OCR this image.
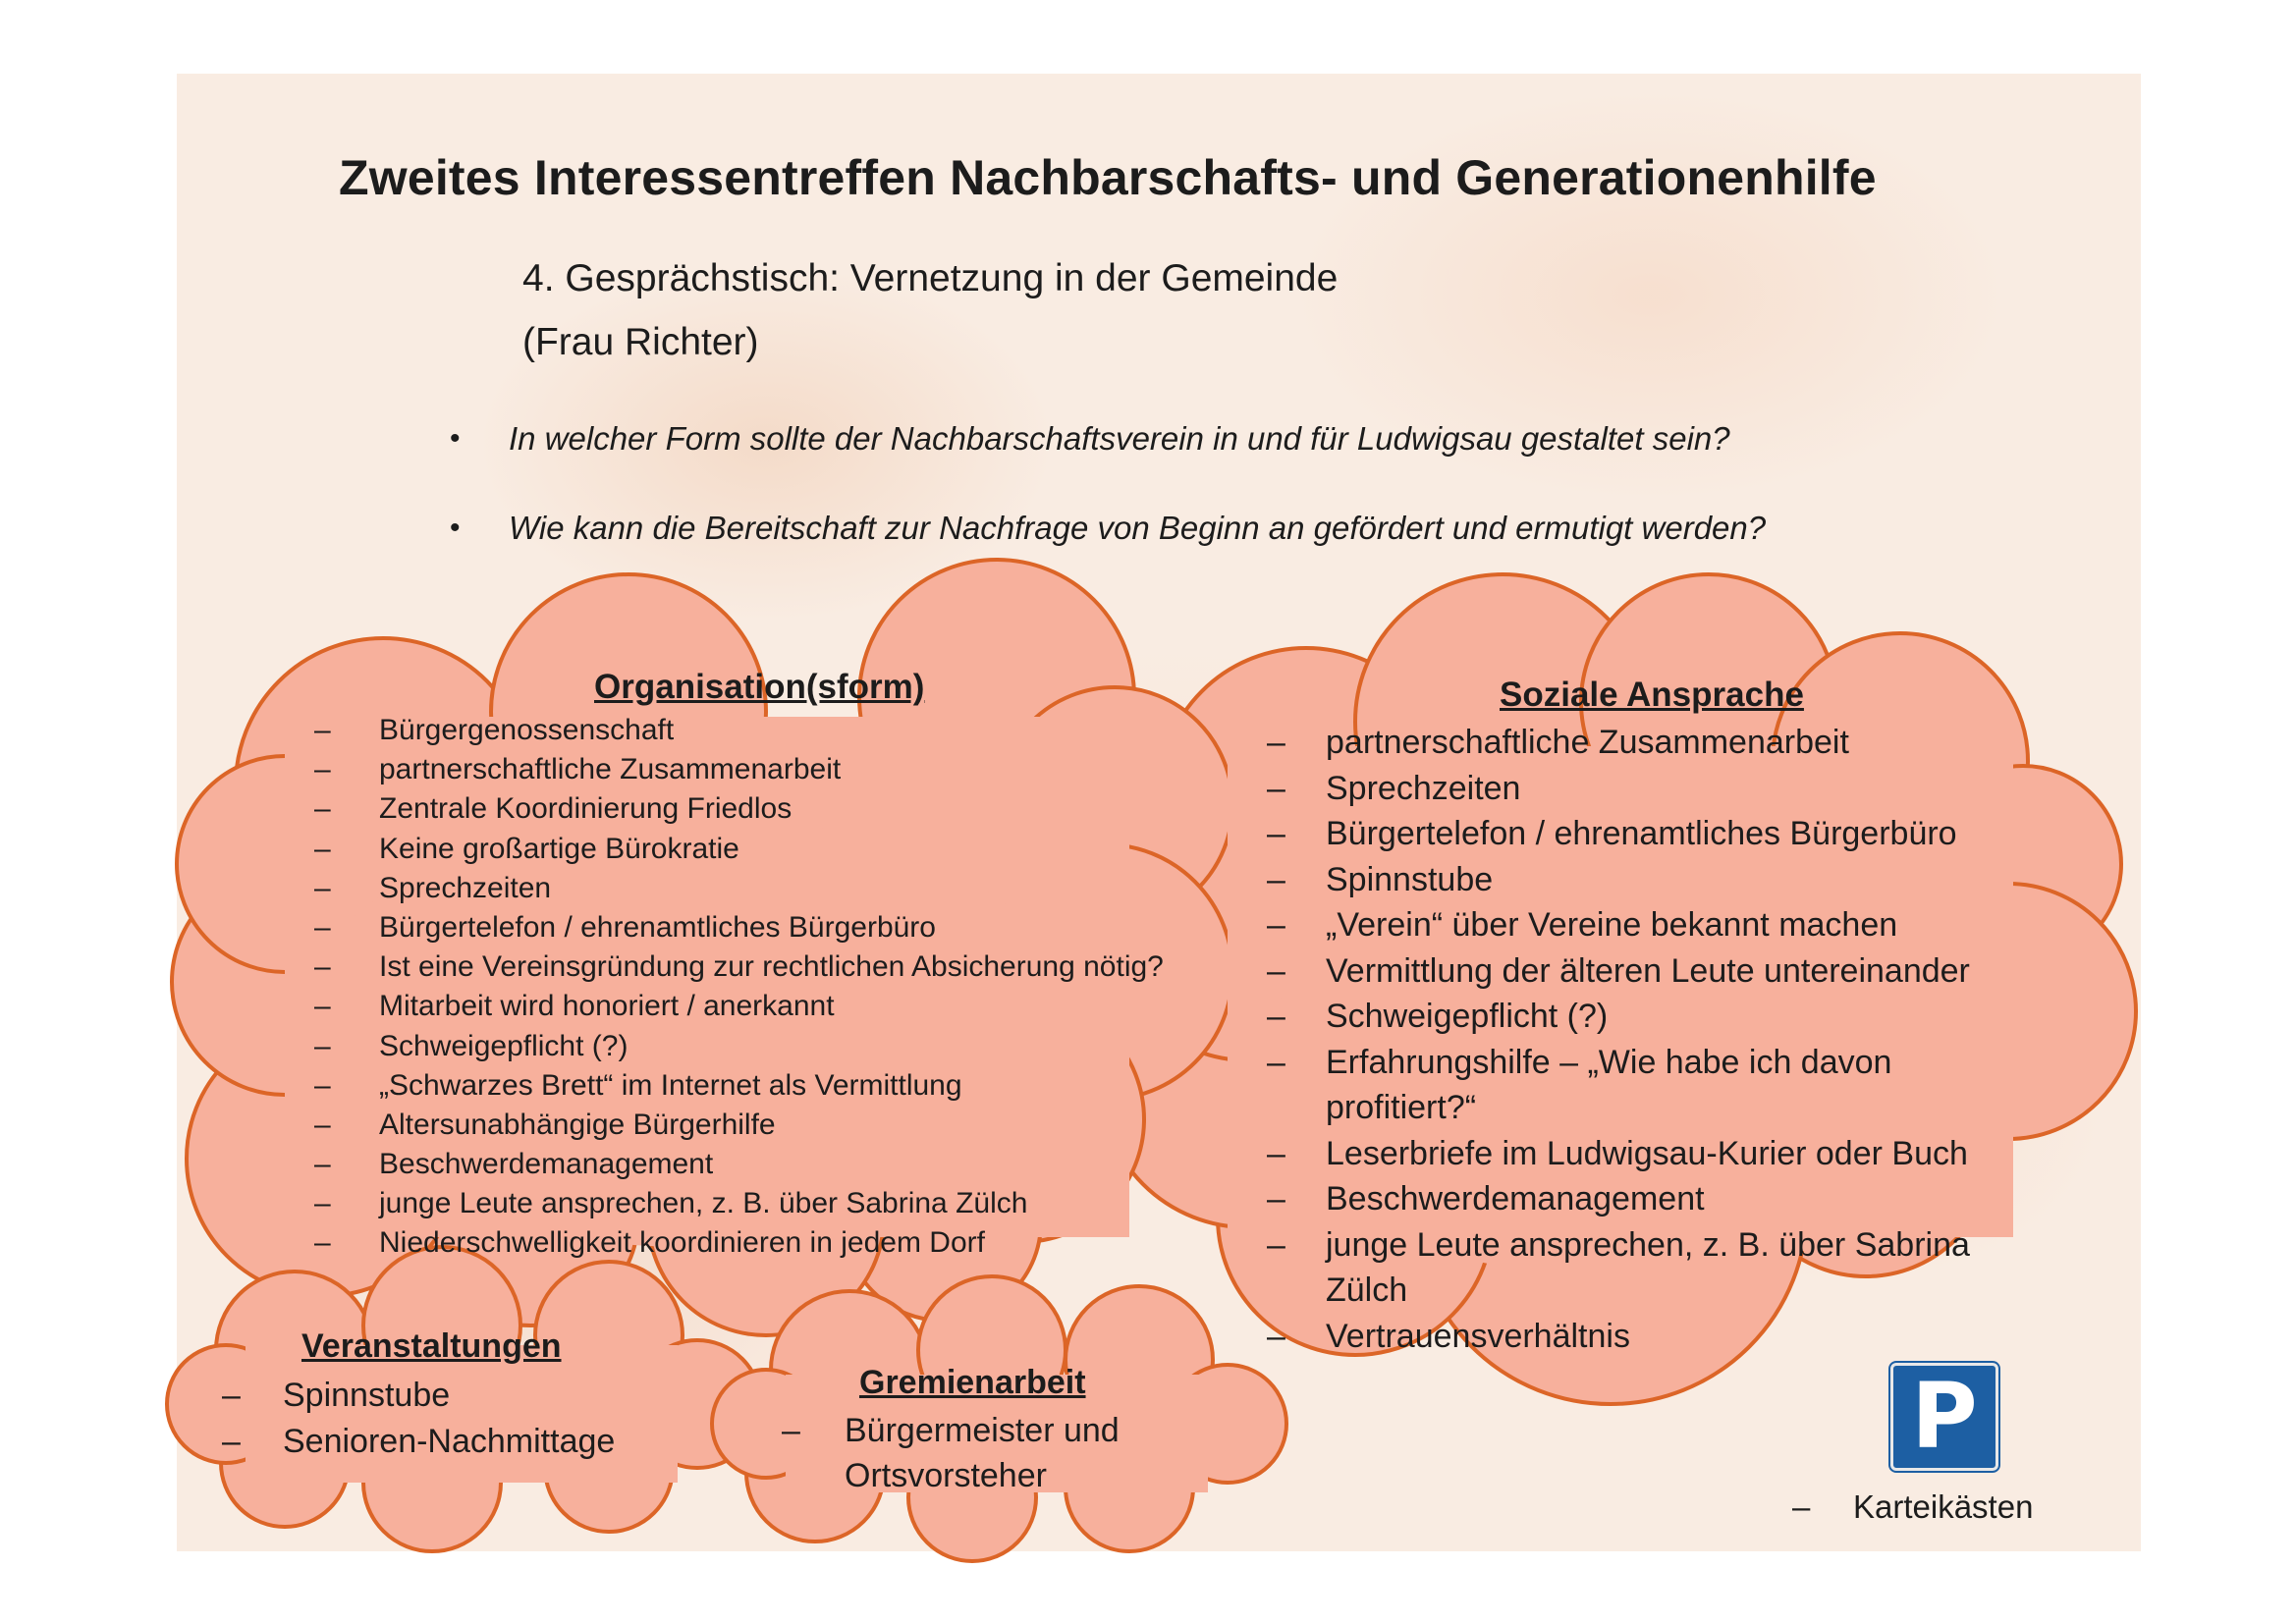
Zweites Interessentreffen Nachbarschafts- und Generationenhilfe
4. Gesprächstisch: Vernetzung in der Gemeinde
(Frau Richter)
• In welcher Form sollte der Nachbarschaftsverein in und für Ludwigsau gestaltet sein?
• Wie kann die Bereitschaft zur Nachfrage von Beginn an gefördert und ermutigt werden?
Organisation(sform)
– Bürgergenossenschaft
– partnerschaftliche Zusammenarbeit
– Zentrale Koordinierung Friedlos
– Keine großartige Bürokratie
– Sprechzeiten
– Bürgertelefon / ehrenamtliches Bürgerbüro
– Ist eine Vereinsgründung zur rechtlichen Absicherung nötig?
– Mitarbeit wird honoriert / anerkannt
– Schweigepflicht (?)
– „Schwarzes Brett“ im Internet als Vermittlung
– Altersunabhängige Bürgerhilfe
– Beschwerdemanagement
– junge Leute ansprechen, z. B. über Sabrina Zülch
– Niederschwelligkeit koordinieren in jedem Dorf
Soziale Ansprache
– partnerschaftliche Zusammenarbeit
– Sprechzeiten
– Bürgertelefon / ehrenamtliches Bürgerbüro
– Spinnstube
– „Verein“ über Vereine bekannt machen
– Vermittlung der älteren Leute untereinander
– Schweigepflicht (?)
– Erfahrungshilfe – „Wie habe ich davon
profitiert?“
– Leserbriefe im Ludwigsau-Kurier oder Buch
– Beschwerdemanagement
– junge Leute ansprechen, z. B. über Sabrina
Zülch
– Vertrauensverhältnis
Veranstaltungen
– Spinnstube
– Senioren-Nachmittage
Gremienarbeit
– Bürgermeister und Ortsvorsteher
P
– Karteikästen
